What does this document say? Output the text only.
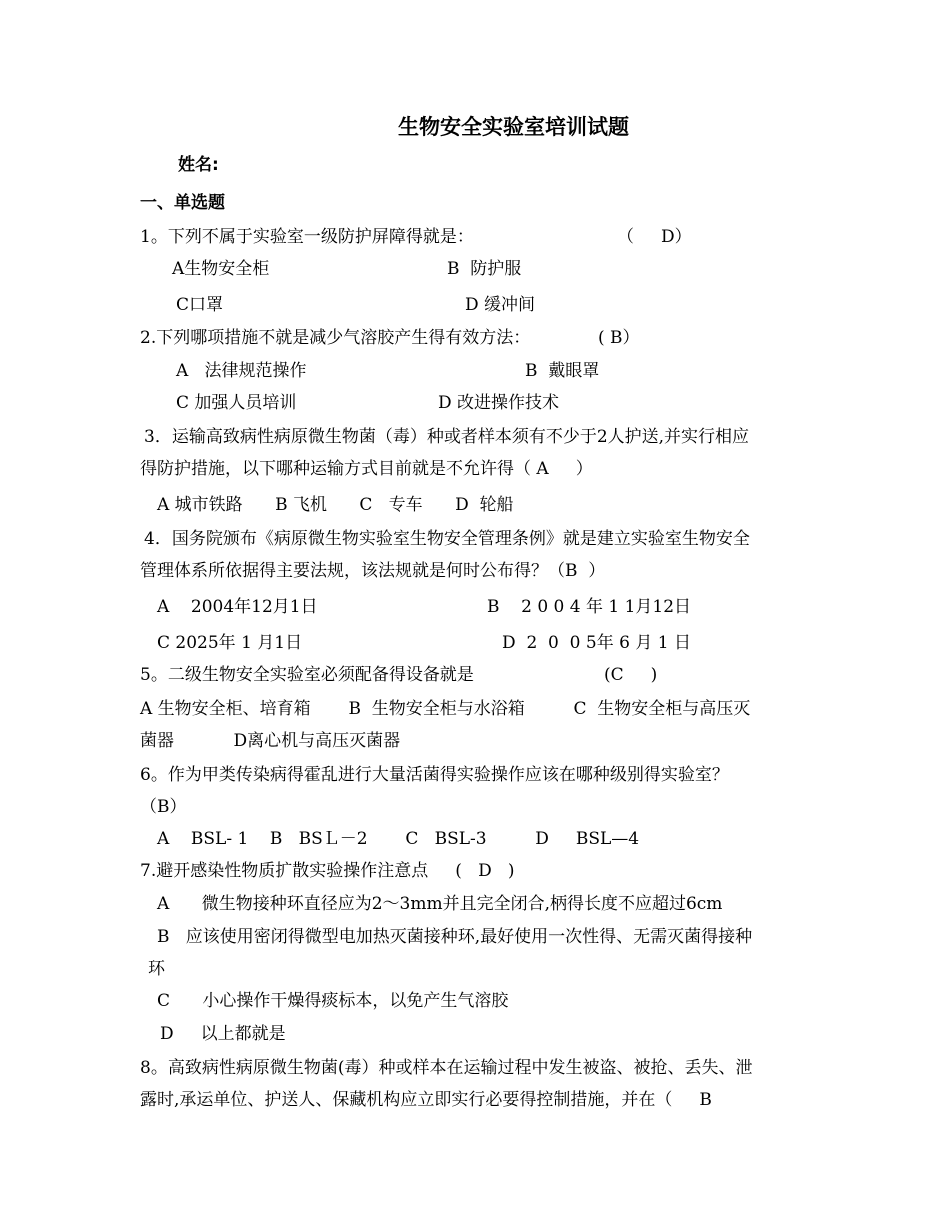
生物安全实验室培训试题
姓名:
一、单选题
1。下列不属于实验室一级防护屏障得就是：	（     D）
A生物安全柜	B  防护服
C口罩	D 缓冲间
2.下列哪项措施不就是减少气溶胶产生得有效方法：	( B）
A   法律规范操作	B  戴眼罩
C 加强人员培训	D 改进操作技术
3．运输高致病性病原微生物菌（毒）种或者样本须有不少于2人护送,并实行相应
得防护措施，以下哪种运输方式目前就是不允许得（ A     ）
A 城市铁路      B 飞机      C   专车      D  轮船
4．国务院颁布《病原微生物实验室生物安全管理条例》就是建立实验室生物安全
管理体系所依据得主要法规，该法规就是何时公布得？（B  ）
A    2004年12月1日	B    2 0 0 4 年 1 1月12日
C 2025年 1 月1日	D  2  0  0 5年 6 月 1 日
5。二级生物安全实验室必须配备得设备就是	(C     )
A 生物安全柜、培育箱       B  生物安全柜与水浴箱         C  生物安全柜与高压灭
菌器           D离心机与高压灭菌器
6。作为甲类传染病得霍乱进行大量活菌得实验操作应该在哪种级别得实验室？
（B）
A    BSL- 1    B   BSＬ－2       C   BSL-3         D     BSL—4
7.避开感染性物质扩散实验操作注意点     (   D   )
A      微生物接种环直径应为2～3mm并且完全闭合,柄得长度不应超过6cm
B   应该使用密闭得微型电加热灭菌接种环,最好使用一次性得、无需灭菌得接种
环
C      小心操作干燥得痰标本，以免产生气溶胶
D     以上都就是
8。高致病性病原微生物菌(毒）种或样本在运输过程中发生被盗、被抢、丢失、泄
露时,承运单位、护送人、保藏机构应立即实行必要得控制措施，并在（     B
